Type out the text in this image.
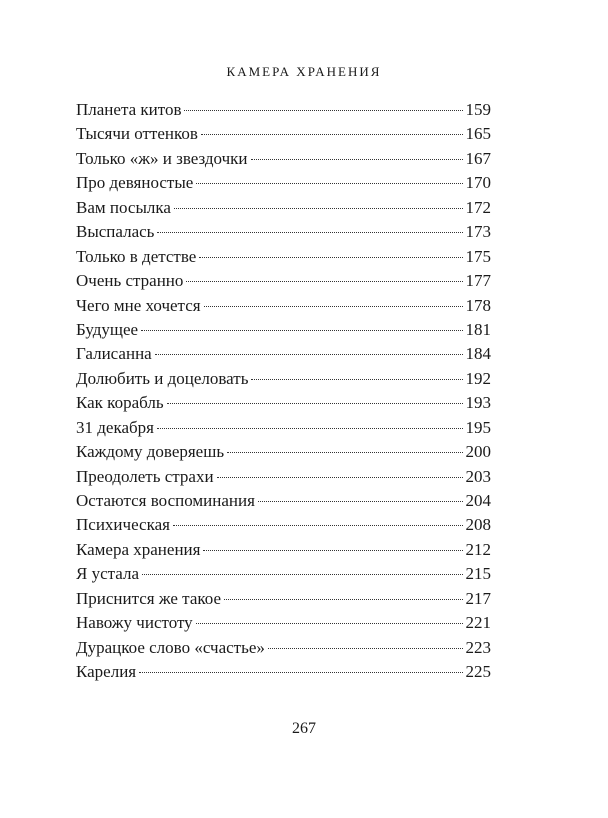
КАМЕРА ХРАНЕНИЯ
Планета китов	159
Тысячи оттенков	165
Только «ж» и звездочки	167
Про девяностые	170
Вам посылка	172
Выспалась	173
Только в детстве	175
Очень странно	177
Чего мне хочется	178
Будущее	181
Галисанна	184
Долюбить и доцеловать	192
Как корабль	193
31 декабря	195
Каждому доверяешь	200
Преодолеть страхи	203
Остаются воспоминания	204
Психическая	208
Камера хранения	212
Я устала	215
Приснится же такое	217
Навожу чистоту	221
Дурацкое слово «счастье»	223
Карелия	225
267
